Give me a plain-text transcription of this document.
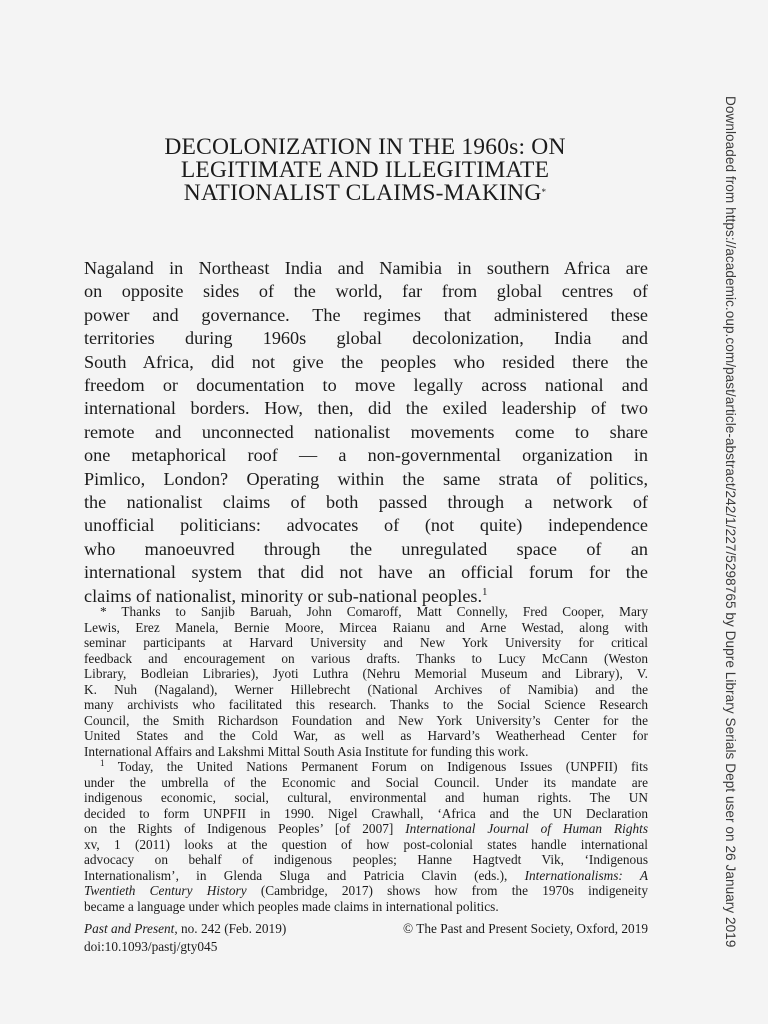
DECOLONIZATION IN THE 1960s: ON
LEGITIMATE AND ILLEGITIMATE
NATIONALIST CLAIMS-MAKING*

Nagaland in Northeast India and Namibia in southern Africa are
on opposite sides of the world, far from global centres of
power and governance. The regimes that administered these
territories during 1960s global decolonization, India and
South Africa, did not give the peoples who resided there the
freedom or documentation to move legally across national and
international borders. How, then, did the exiled leadership of two
remote and unconnected nationalist movements come to share
one metaphorical roof — a non-governmental organization in
Pimlico, London? Operating within the same strata of politics,
the nationalist claims of both passed through a network of
unofficial politicians: advocates of (not quite) independence
who manoeuvred through the unregulated space of an
international system that did not have an official forum for the
claims of nationalist, minority or sub-national peoples.$^1$

* Thanks to Sanjib Baruah, John Comaroff, Matt Connelly, Fred Cooper, Mary
Lewis, Erez Manela, Bernie Moore, Mircea Raianu and Arne Westad, along with
seminar participants at Harvard University and New York University for critical
feedback and encouragement on various drafts. Thanks to Lucy McCann (Weston
Library, Bodleian Libraries), Jyoti Luthra (Nehru Memorial Museum and Library), V.
K. Nuh (Nagaland), Werner Hillebrecht (National Archives of Namibia) and the
many archivists who facilitated this research. Thanks to the Social Science Research
Council, the Smith Richardson Foundation and New York University’s Center for the
United States and the Cold War, as well as Harvard’s Weatherhead Center for
International Affairs and Lakshmi Mittal South Asia Institute for funding this work.
$^1$ Today, the United Nations Permanent Forum on Indigenous Issues (UNPFII) fits
under the umbrella of the Economic and Social Council. Under its mandate are
indigenous economic, social, cultural, environmental and human rights. The UN
decided to form UNPFII in 1990. Nigel Crawhall, ‘Africa and the UN Declaration
on the Rights of Indigenous Peoples’ [of 2007] International Journal of Human Rights
xv, 1 (2011) looks at the question of how post-colonial states handle international
advocacy on behalf of indigenous peoples; Hanne Hagtvedt Vik, ‘Indigenous
Internationalism’, in Glenda Sluga and Patricia Clavin (eds.), Internationalisms: A
Twentieth Century History (Cambridge, 2017) shows how from the 1970s indigeneity
became a language under which peoples made claims in international politics.
Past and Present, no. 242 (Feb. 2019)	© The Past and Present Society, Oxford, 2019
doi:10.1093/pastj/gty045	Downloaded from https://academic.oup.com/past/article-abstract/242/1/227/5298765 by Dupre Library Serials Dept user on 26 January 2019
